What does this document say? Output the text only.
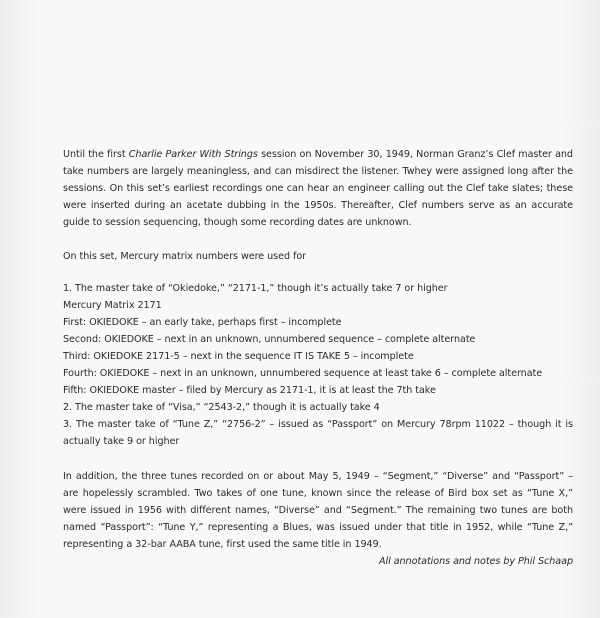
Until the first Charlie Parker With Strings session on November 30, 1949, Norman Granz’s Clef master and take numbers are largely meaningless, and can misdirect the listener. Twhey were assigned long after the sessions. On this set’s earliest recordings one can hear an engineer calling out the Clef take slates; these were inserted during an acetate dubbing in the 1950s. Thereafter, Clef numbers serve as an accurate guide to session sequencing, though some recording dates are unknown.

On this set, Mercury matrix numbers were used for

1. The master take of “Okiedoke,” “2171-1,” though it’s actually take 7 or higher

Mercury Matrix 2171

First: OKIEDOKE – an early take, perhaps first – incomplete

Second: OKIEDOKE – next in an unknown, unnumbered sequence – complete alternate

Third: OKIEDOKE 2171-5 – next in the sequence IT IS TAKE 5 – incomplete

Fourth: OKIEDOKE – next in an unknown, unnumbered sequence at least take 6 – complete alternate

Fifth: OKIEDOKE master – filed by Mercury as 2171-1, it is at least the 7th take

2. The master take of “Visa,” “2543-2,” though it is actually take 4

3. The master take of “Tune Z,” “2756-2” – issued as “Passport” on Mercury 78rpm 11022 – though it is actually take 9 or higher

In addition, the three tunes recorded on or about May 5, 1949 – “Segment,” “Diverse” and “Passport” – are hopelessly scrambled. Two takes of one tune, known since the release of Bird box set as “Tune X,” were issued in 1956 with different names, “Diverse” and “Segment.” The remaining two tunes are both named “Passport”: “Tune Y,” representing a Blues, was issued under that title in 1952, while “Tune Z,” representing a 32-bar AABA tune, first used the same title in 1949.

All annotations and notes by Phil Schaap
